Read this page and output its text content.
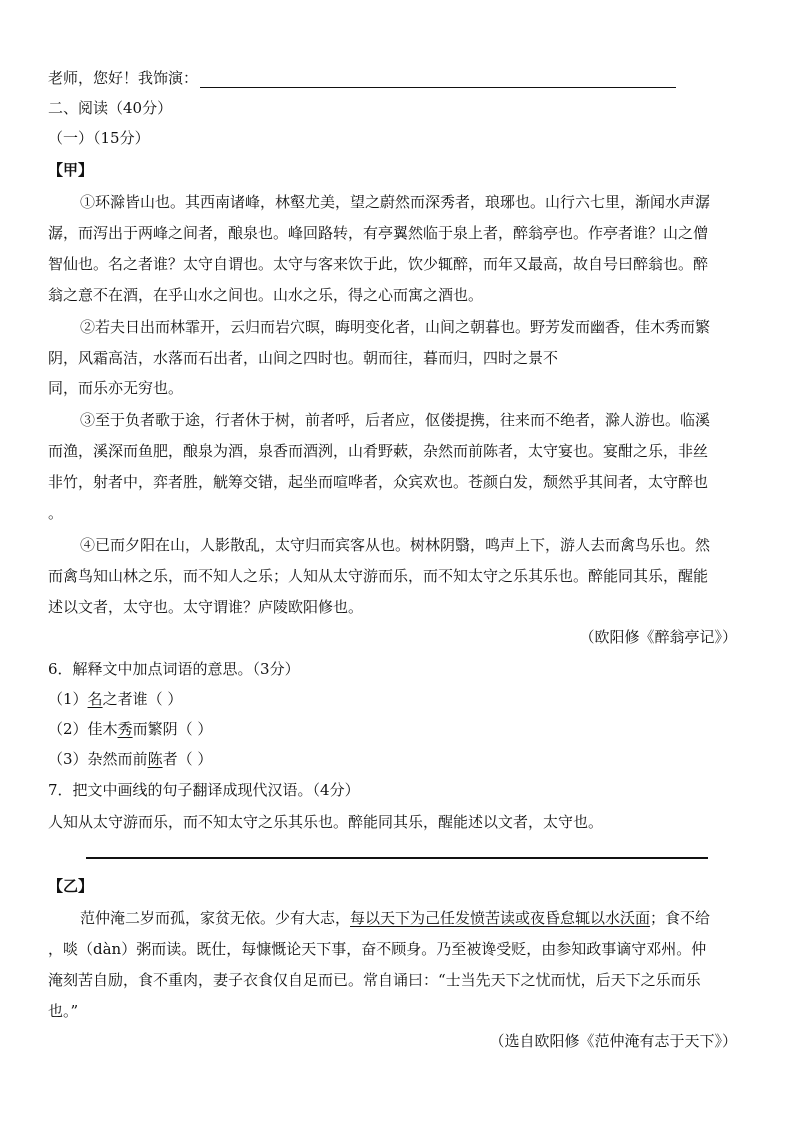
老师，您好！我饰演：
二、阅读（40分）
（一）（15分）
【甲】
①环滁皆山也。其西南诸峰，林壑尤美，望之蔚然而深秀者，琅琊也。山行六七里，渐闻水声潺
潺，而泻出于两峰之间者，酿泉也。峰回路转，有亭翼然临于泉上者，醉翁亭也。作亭者谁？山之僧
智仙也。名之者谁？太守自谓也。太守与客来饮于此，饮少辄醉，而年又最高，故自号曰醉翁也。醉
翁之意不在酒，在乎山水之间也。山水之乐，得之心而寓之酒也。
②若夫日出而林霏开，云归而岩穴暝，晦明变化者，山间之朝暮也。野芳发而幽香，佳木秀而繁
阴，风霜高洁，水落而石出者，山间之四时也。朝而往，暮而归，四时之景不
同，而乐亦无穷也。
③至于负者歌于途，行者休于树，前者呼，后者应，伛偻提携，往来而不绝者，滁人游也。临溪
而渔，溪深而鱼肥，酿泉为酒，泉香而酒洌，山肴野蔌，杂然而前陈者，太守宴也。宴酣之乐，非丝
非竹，射者中，弈者胜，觥筹交错，起坐而喧哗者，众宾欢也。苍颜白发，颓然乎其间者，太守醉也
。
④已而夕阳在山，人影散乱，太守归而宾客从也。树林阴翳，鸣声上下，游人去而禽鸟乐也。然
而禽鸟知山林之乐，而不知人之乐；人知从太守游而乐，而不知太守之乐其乐也。醉能同其乐，醒能
述以文者，太守也。太守谓谁？庐陵欧阳修也。
（欧阳修《醉翁亭记》）
6．解释文中加点词语的意思。（3分）
（1）名之者谁（ ）
（2）佳木秀而繁阴（ ）
（3）杂然而前陈者（ ）
7．把文中画线的句子翻译成现代汉语。（4分）
人知从太守游而乐，而不知太守之乐其乐也。醉能同其乐，醒能述以文者，太守也。
【乙】
范仲淹二岁而孤，家贫无依。少有大志，每以天下为己任发愤苦读或夜昏怠辄以水沃面；食不给
，啖（dàn）粥而读。既仕，每慷慨论天下事，奋不顾身。乃至被谗受贬，由参知政事谪守邓州。仲
淹刻苦自励，食不重肉，妻子衣食仅自足而已。常自诵曰：“士当先天下之忧而忧，后天下之乐而乐
也。”
（选自欧阳修《范仲淹有志于天下》）
